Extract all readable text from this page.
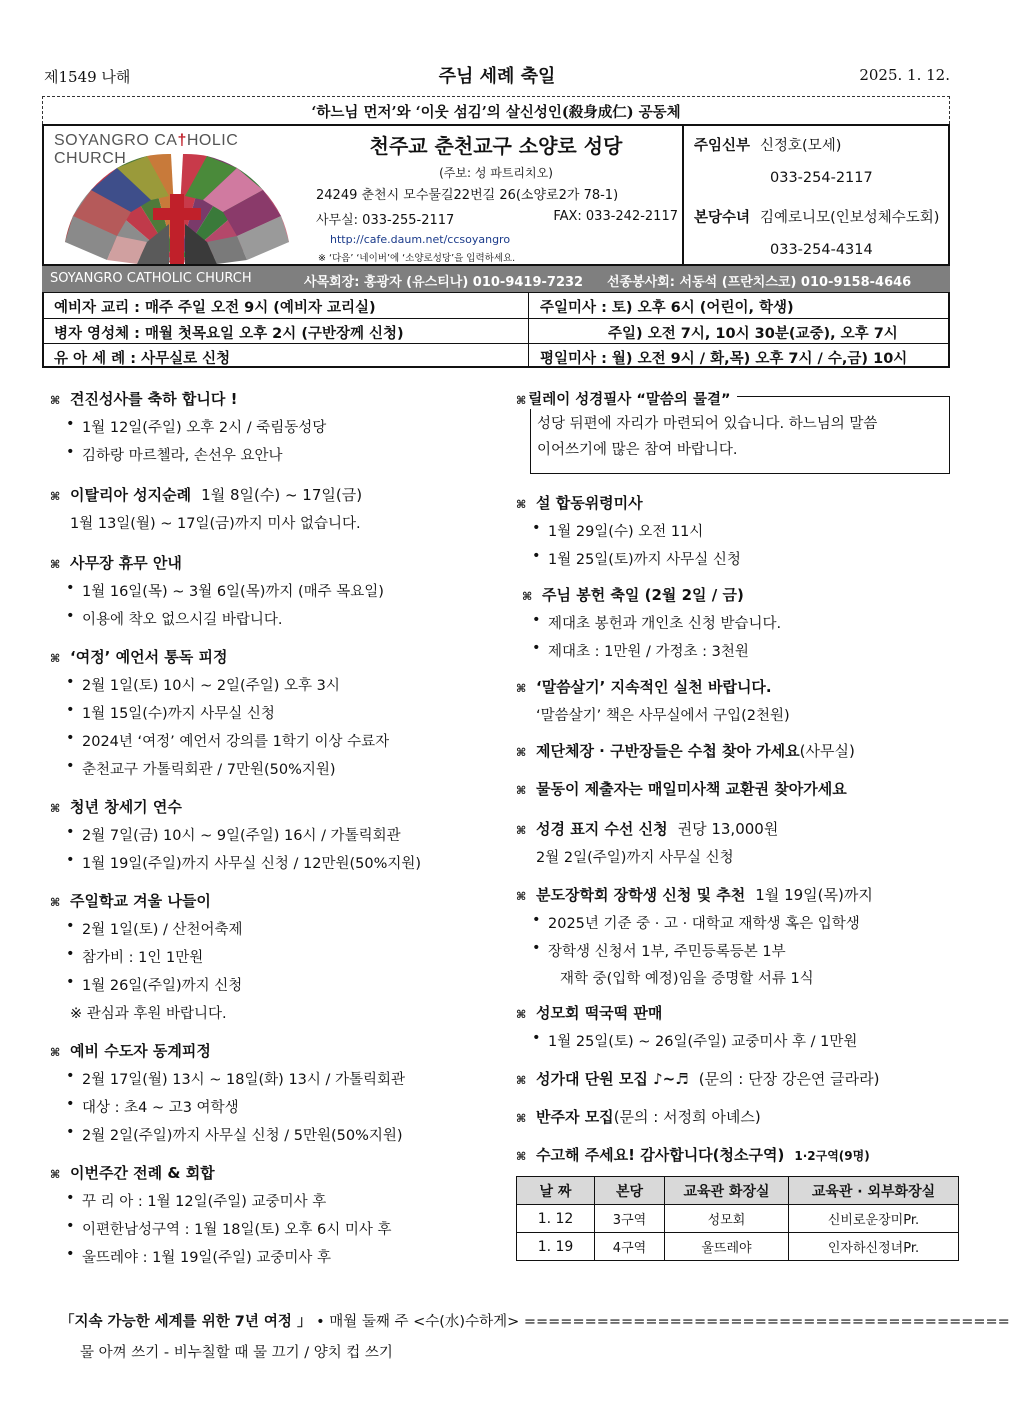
제1549 나해	주님 세례 축일	2025. 1. 12.
‘하느님 먼저’와 ‘이웃 섬김’의 살신성인(殺身成仁) 공동체
SOYANGRO CA†HOLIC CHURCH
천주교 춘천교구 소양로 성당
(주보: 성 파트리치오)
24249 춘천시 모수물길22번길 26(소양로2가 78-1)
사무실: 033-255-2117	FAX: 033-242-2117
http://cafe.daum.net/ccsoyangro
※ ‘다음’ ‘네이버’에 ‘소양로성당’을 입력하세요.
주임신부 신정호(모세)
033-254-2117
본당수녀 김예로니모(인보성체수도회)
033-254-4314
SOYANGRO CATHOLIC CHURCH	사목회장: 홍광자 (유스티나) 010-9419-7232 선종봉사회: 서동석 (프란치스코) 010-9158-4646
예비자 교리 : 매주 주일 오전 9시 (예비자 교리실)	주일미사 : 토) 오후 6시 (어린이, 학생)
병자 영성체 : 매월 첫목요일 오후 2시 (구반장께 신청)	주일) 오전 7시, 10시 30분(교중), 오후 7시
유 아 세 례 : 사무실로 신청	평일미사 : 월) 오전 9시 / 화,목) 오후 7시 / 수,금) 10시
⌘ 견진성사를 축하 합니다 !
• 1월 12일(주일) 오후 2시 / 죽림동성당
• 김하랑 마르첼라, 손선우 요안나
⌘ 이탈리아 성지순례 1월 8일(수) ~ 17일(금)
1월 13일(월) ~ 17일(금)까지 미사 없습니다.
⌘ 사무장 휴무 안내
• 1월 16일(목) ~ 3월 6일(목)까지 (매주 목요일)
• 이용에 착오 없으시길 바랍니다.
⌘ ‘여정’ 예언서 통독 피정
• 2월 1일(토) 10시 ~ 2일(주일) 오후 3시
• 1월 15일(수)까지 사무실 신청
• 2024년 ‘여정’ 예언서 강의를 1학기 이상 수료자
• 춘천교구 가톨릭회관 / 7만원(50%지원)
⌘ 청년 창세기 연수
• 2월 7일(금) 10시 ~ 9일(주일) 16시 / 가톨릭회관
• 1월 19일(주일)까지 사무실 신청 / 12만원(50%지원)
⌘ 주일학교 겨울 나들이
• 2월 1일(토) / 산천어축제
• 참가비 : 1인 1만원
• 1월 26일(주일)까지 신청
※ 관심과 후원 바랍니다.
⌘ 예비 수도자 동계피정
• 2월 17일(월) 13시 ~ 18일(화) 13시 / 가톨릭회관
• 대상 : 초4 ~ 고3 여학생
• 2월 2일(주일)까지 사무실 신청 / 5만원(50%지원)
⌘ 이번주간 전례 & 회합
• 꾸 리 아 : 1월 12일(주일) 교중미사 후
• 이편한남성구역 : 1월 18일(토) 오후 6시 미사 후
• 울뜨레야 : 1월 19일(주일) 교중미사 후
⌘ 릴레이 성경필사 “말씀의 물결”
성당 뒤편에 자리가 마련되어 있습니다. 하느님의 말씀
이어쓰기에 많은 참여 바랍니다.
⌘ 설 합동위령미사
• 1월 29일(수) 오전 11시
• 1월 25일(토)까지 사무실 신청
⌘ 주님 봉헌 축일 (2월 2일 / 금)
• 제대초 봉헌과 개인초 신청 받습니다.
• 제대초 : 1만원 / 가정초 : 3천원
⌘ ‘말씀살기’ 지속적인 실천 바랍니다.
‘말씀살기’ 책은 사무실에서 구입(2천원)
⌘ 제단체장 · 구반장들은 수첩 찾아 가세요(사무실)
⌘ 물동이 제출자는 매일미사책 교환권 찾아가세요
⌘ 성경 표지 수선 신청 권당 13,000원
2월 2일(주일)까지 사무실 신청
⌘ 분도장학회 장학생 신청 및 추천 1월 19일(목)까지
• 2025년 기준 중 · 고 · 대학교 재학생 혹은 입학생
• 장학생 신청서 1부, 주민등록등본 1부
재학 중(입학 예정)임을 증명할 서류 1식
⌘ 성모회 떡국떡 판매
• 1월 25일(토) ~ 26일(주일) 교중미사 후 / 1만원
⌘ 성가대 단원 모집 ♪~♬ (문의 : 단장 강은연 글라라)
⌘ 반주자 모집(문의 : 서정희 아녜스)
⌘ 수고해 주세요! 감사합니다(청소구역) 1·2구역(9명)
날 짜	본당	교육관 화장실	교육관 · 외부화장실
1. 12	3구역	성모회	신비로운장미Pr.
1. 19	4구역	울뜨레야	인자하신정녀Pr.
「지속 가능한 세계를 위한 7년 여정 」 • 매월 둘째 주 <수(水)수하게> ========================================
물 아껴 쓰기 - 비누칠할 때 물 끄기 / 양치 컵 쓰기
